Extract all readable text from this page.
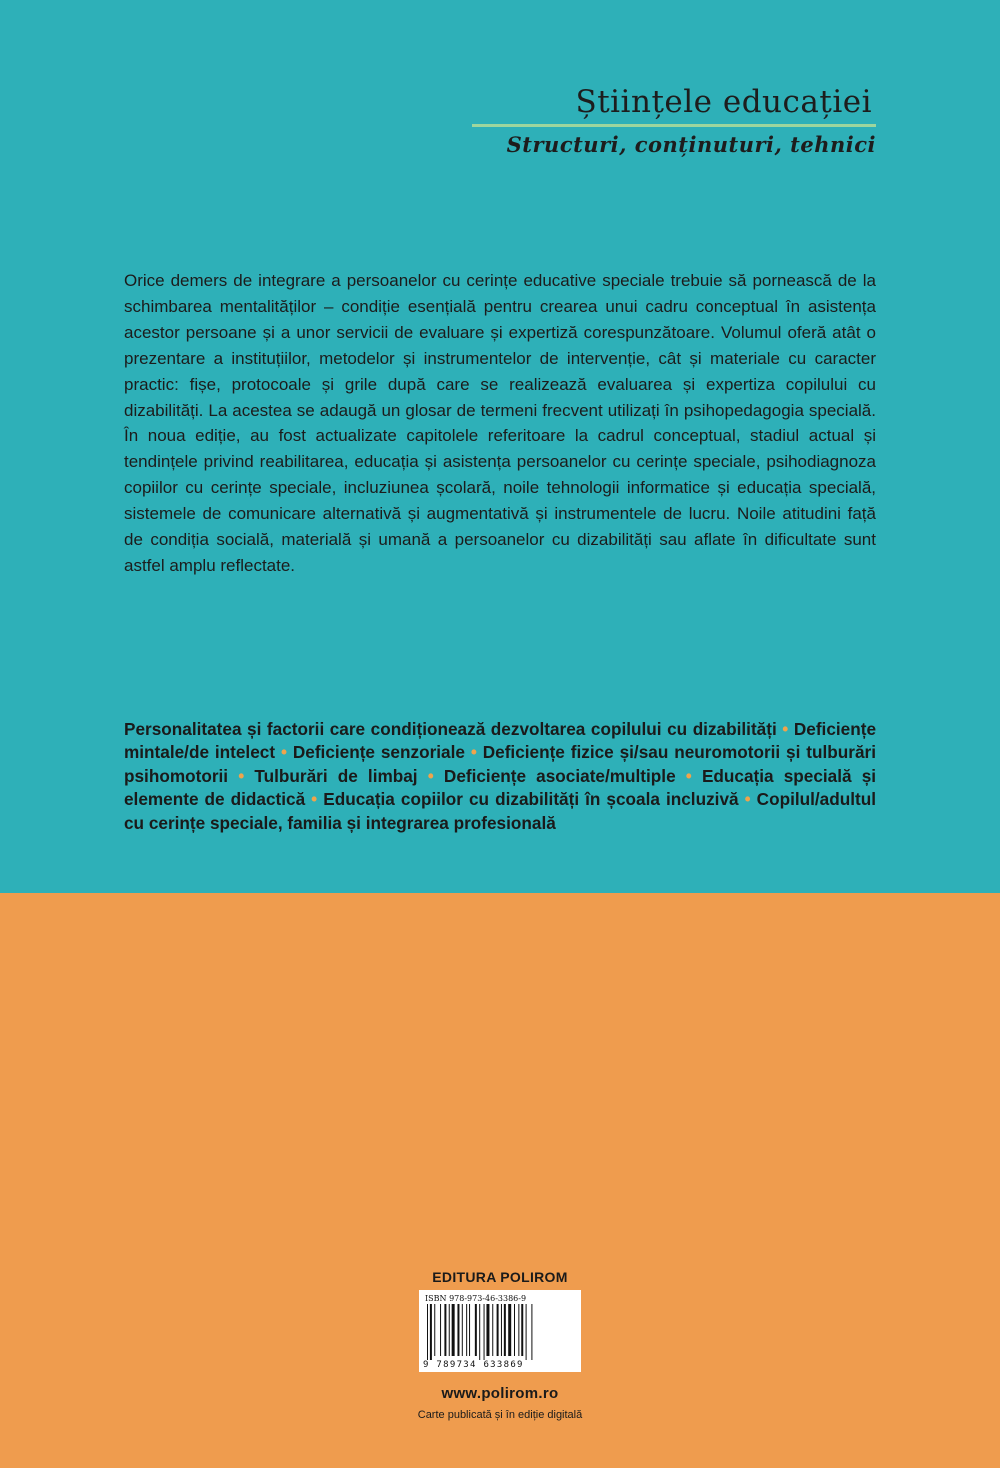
Științele educației
Structuri, conținuturi, tehnici

Orice demers de integrare a persoanelor cu cerințe educative speciale trebuie să pornească de la schimbarea mentalităților – condiție esențială pentru crearea unui cadru conceptual în asistența acestor persoane și a unor servicii de evaluare și expertiză corespunzătoare. Volumul oferă atât o prezentare a instituțiilor, metodelor și instrumentelor de intervenție, cât și materiale cu caracter practic: fișe, protocoale și grile după care se realizează evaluarea și expertiza copilului cu dizabilități. La acestea se adaugă un glosar de termeni frecvent utilizați în psihopedagogia specială. În noua ediție, au fost actualizate capitolele referitoare la cadrul conceptual, stadiul actual și tendințele privind reabilitarea, educația și asistența persoanelor cu cerințe speciale, psihodiagnoza copiilor cu cerințe speciale, incluziunea școlară, noile tehnologii informatice și educația specială, sistemele de comunicare alternativă și augmentativă și instrumentele de lucru. Noile atitudini față de condiția socială, materială și umană a persoanelor cu dizabilități sau aflate în dificultate sunt astfel amplu reflectate.

Personalitatea și factorii care condiționează dezvoltarea copilului cu dizabilități • Deficiențe mintale/de intelect • Deficiențe senzoriale • Deficiențe fizice și/sau neuromotorii și tulburări psihomotorii • Tulburări de limbaj • Deficiențe asociate/multiple • Educația specială și elemente de didactică • Educația copiilor cu dizabilități în școala incluzivă • Copilul/adultul cu cerințe speciale, familia și integrarea profesională

EDITURA POLIROM
ISBN 978-973-46-3386-9
9 789734 633869
www.polirom.ro
Carte publicată și în ediție digitală
